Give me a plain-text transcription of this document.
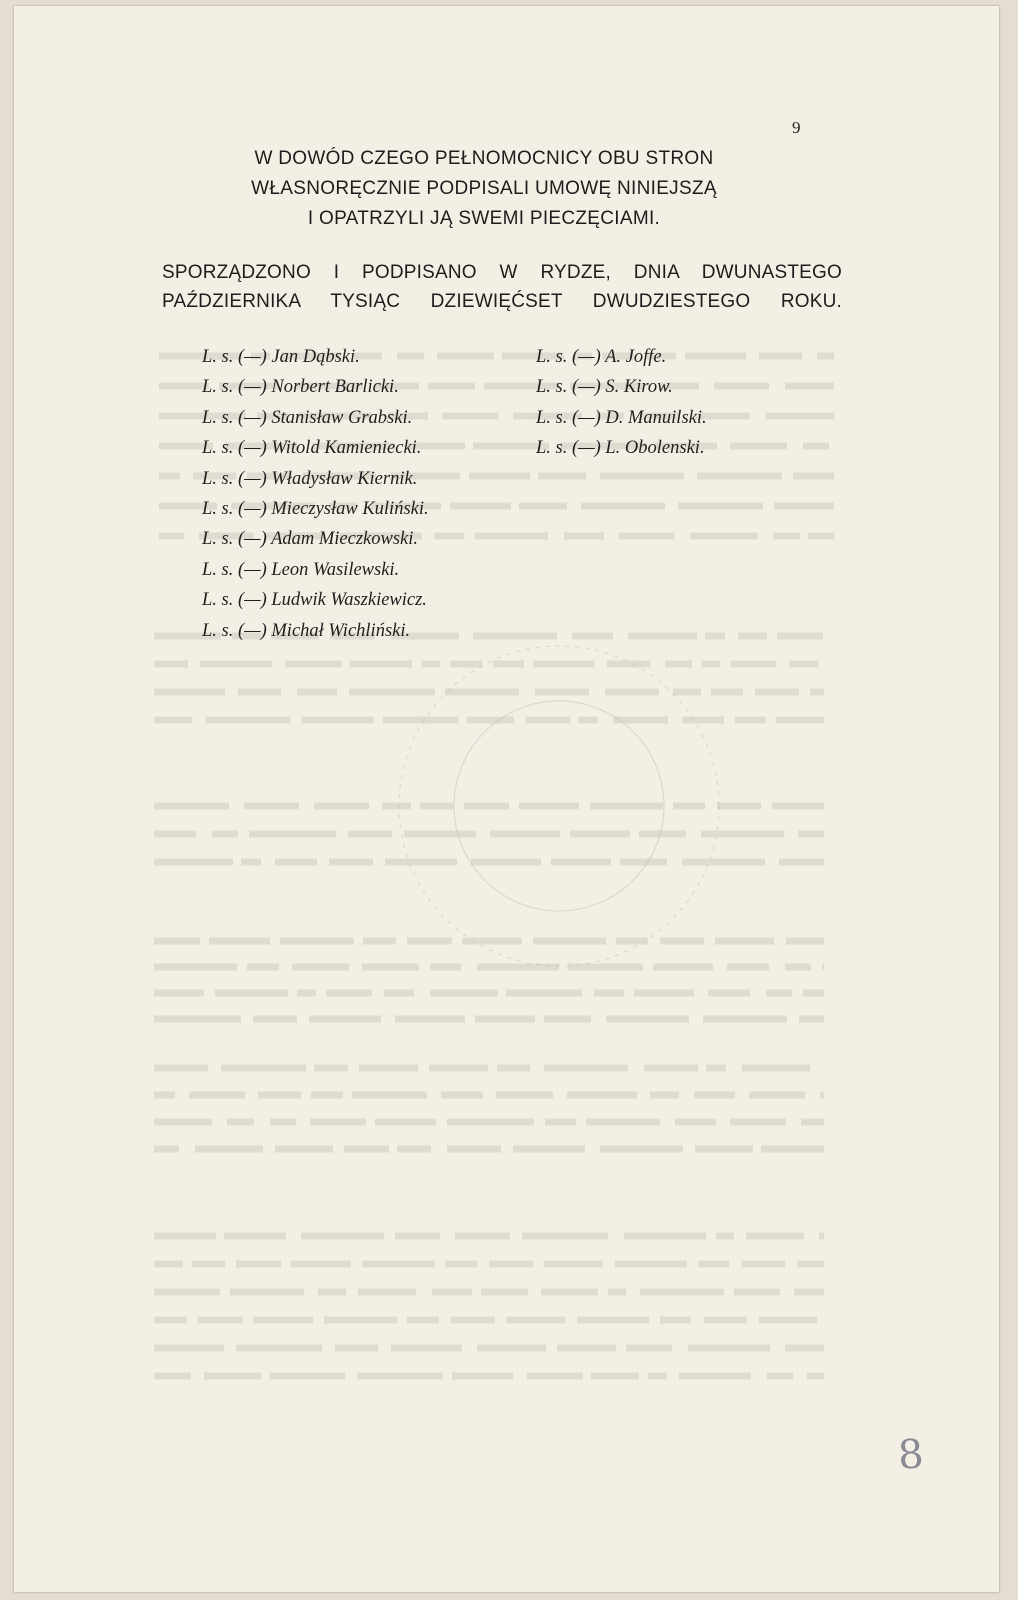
9
W DOWÓD CZEGO PEŁNOMOCNICY OBU STRON
WŁASNORĘCZNIE PODPISALI UMOWĘ NINIEJSZĄ
I OPATRZYLI JĄ SWEMI PIECZĘCIAMI.
SPORZĄDZONO I PODPISANO W RYDZE, DNIA DWUNASTEGO PAŹDZIERNIKA TYSIĄC DZIEWIĘĆSET DWUDZIESTEGO ROKU.
L. s. (—) Jan Dąbski.
L. s. (—) Norbert Barlicki.
L. s. (—) Stanisław Grabski.
L. s. (—) Witold Kamieniecki.
L. s. (—) Władysław Kiernik.
L. s. (—) Mieczysław Kuliński.
L. s. (—) Adam Mieczkowski.
L. s. (—) Leon Wasilewski.
L. s. (—) Ludwik Waszkiewicz.
L. s. (—) Michał Wichliński.
L. s. (—) A. Joffe.
L. s. (—) S. Kirow.
L. s. (—) D. Manuilski.
L. s. (—) L. Obolenski.
8
